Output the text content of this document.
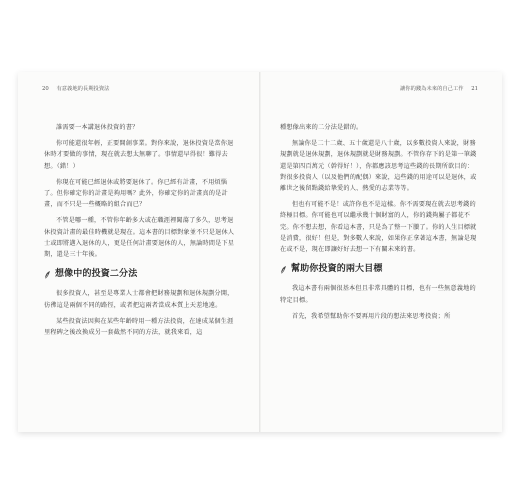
20 有意義地的長期投資法

誰需要一本講退休投資的書？

你可能還很年輕，正要開創事業。對你來說，退休投資是當你退休時才要做的事情，現在就去想太無聊了。事情還早得很！難得去想。（錯！）

你現在可能已經退休或將要退休了。你已經有計畫，不用煩惱了。但你確定你的計畫是夠用嗎？此外，你確定你的計畫真的是計畫，而不只是一些概略的組合而已？

不管是哪一種，不管你年齡多大或在職涯裡闖蕩了多久，思考退休投資計畫的最佳時機就是現在。這本書的目標對象並不只是退休人士或即將邁入退休的人，更是任何計畫要退休的人，無論時間是下星期，還是三十年後。

想像中的投資二分法

很多投資人，甚至是專業人士都會把財務規劃和退休規劃分開，彷彿這是兩個不同的路徑，或者把這兩者當成本質上天差地遠。

某些投資法因與在某些年齡時用一種方法投資，在達成某個生涯里程碑之後改換成另一套截然不同的方法，就我來看，這

讓你的錢為未來的自己工作 21

種想像出來的二分法是錯的。

無論你是二十二歲、五十歲還是八十歲，以多數投資人來說，財務規劃就是退休規劃，退休規劃就是財務規劃。不管你存下的是第一筆錢還是第四百萬元（幹得好！），你都應該思考這些錢的長期所欲目的：對很多投資人（以及他們的配偶）來說，這些錢的用途可以是退休，或離世之後留點錢給摯愛的人、熱愛的志業等等。

但也有可能不是！或許你也不是這樣。你不需要現在就去思考錢的終極目標。你可能也可以繼承幾十個財富的人，你的錢夠屬子都花不完。你不想去想，你看這本書，只是為了整一下賸了。你的人生目標就是消費，很好！但是，對多數人來說，如果你正拿著這本書，無論是現在或不是，現在即讓好好去想一下有關未來的書。

幫助你投資的兩大目標

我這本書有兩個很基本但且非常具體的目標，也有一些無意義地的特定目標。

首先，我希望幫助你不要再用片段的想法來思考投資；所
